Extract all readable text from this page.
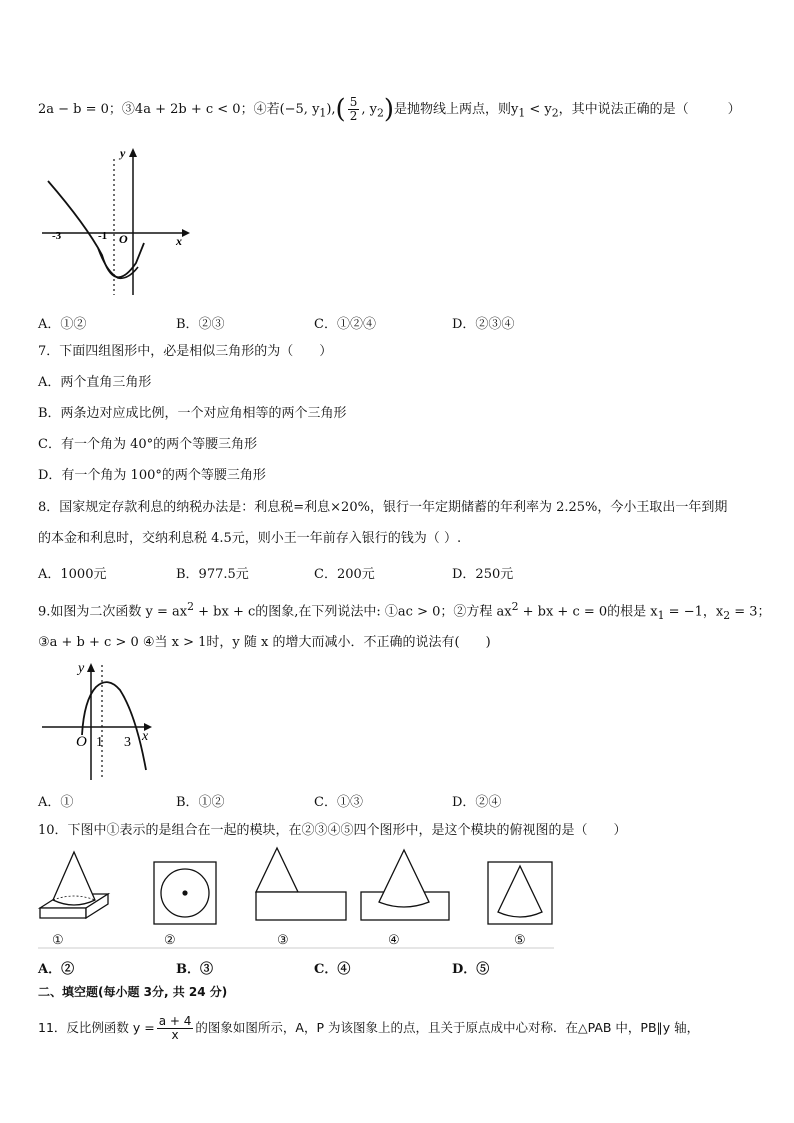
2a − b = 0；③4a + 2b + c < 0；④若(−5, $y_1),( \frac{5}{2}$ , $y_2$)是抛物线上两点，则$y_1 < y_2$，其中说法正确的是（　　　）
y
x
-3	-1 O
A．①②	B．②③	C．①②④	D．②③④
7．下面四组图形中，必是相似三角形的为（　　）
A．两个直角三角形
B．两条边对应成比例，一个对应角相等的两个三角形
C．有一个角为 40°的两个等腰三角形
D．有一个角为 100°的两个等腰三角形
8．国家规定存款利息的纳税办法是：利息税=利息×20%，银行一年定期储蓄的年利率为 2.25%，今小王取出一年到期
的本金和利息时，交纳利息税 4.5元，则小王一年前存入银行的钱为（ ）.
A．1000元	B．977.5元	C．200元	D．250元
9.如图为二次函数 $y = ax^2$ + bx + c的图象,在下列说法中: ①ac > 0；②方程 $ax^2$ + bx + c = 0的根是 $x_1 = -1$，$x_2 = 3$；
③a + b + c > 0 ④当 x > 1时，y 随 x 的增大而减小．不正确的说法有(　　)
y
x
O 1 3
A．①	B．①②	C．①③	D．②④
10．下图中①表示的是组合在一起的模块，在②③④⑤四个图形中，是这个模块的俯视图的是（　　）
①	②	③	④	⑤
A．②	B．③	C．④	D．⑤
二、填空题(每小题 3分, 共 24 分)
11．反比例函数 $y = \frac{a + 4}{x}$ 的图象如图所示，A，P 为该图象上的点，且关于原点成中心对称．在△PAB 中，PB∥y 轴，
